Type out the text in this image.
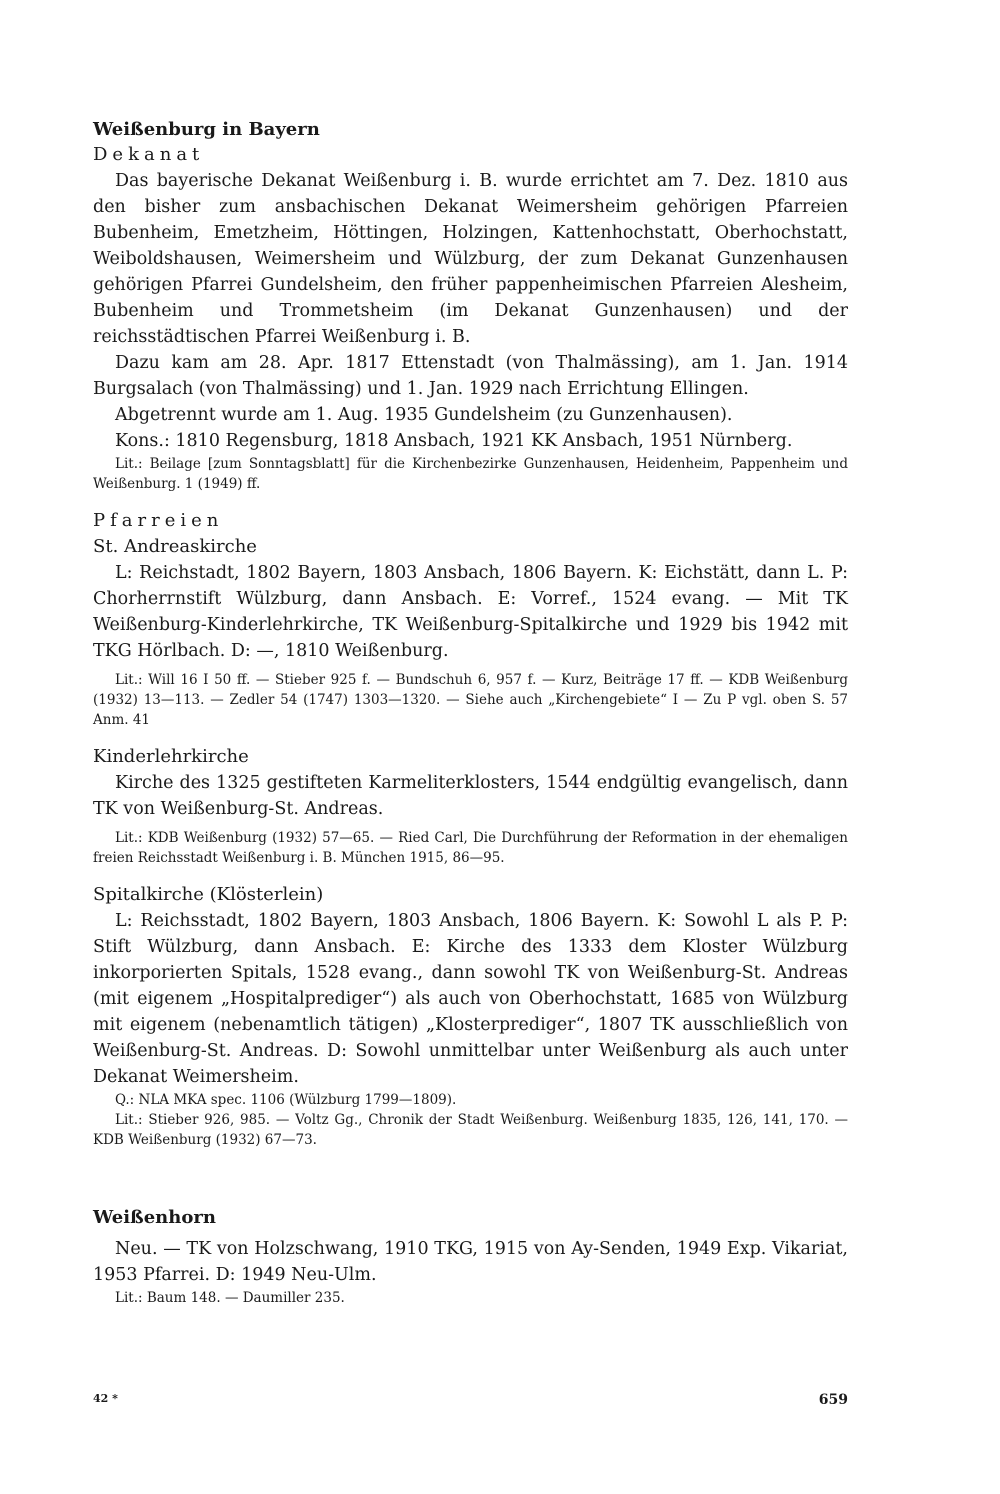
Weißenburg in Bayern

Dekanat

Das bayerische Dekanat Weißenburg i. B. wurde errichtet am 7. Dez. 1810 aus den bisher zum ansbachischen Dekanat Weimersheim gehörigen Pfarreien Bubenheim, Emetzheim, Höttingen, Holzingen, Kattenhochstatt, Oberhochstatt, Weiboldshausen, Weimersheim und Wülzburg, der zum Dekanat Gunzenhausen gehörigen Pfarrei Gundelsheim, den früher pappenheimischen Pfarreien Alesheim, Bubenheim und Trommetsheim (im Dekanat Gunzenhausen) und der reichsstädtischen Pfarrei Weißenburg i. B.

Dazu kam am 28. Apr. 1817 Ettenstadt (von Thalmässing), am 1. Jan. 1914 Burgsalach (von Thalmässing) und 1. Jan. 1929 nach Errichtung Ellingen.

Abgetrennt wurde am 1. Aug. 1935 Gundelsheim (zu Gunzenhausen).

Kons.: 1810 Regensburg, 1818 Ansbach, 1921 KK Ansbach, 1951 Nürnberg.

Lit.: Beilage [zum Sonntagsblatt] für die Kirchenbezirke Gunzenhausen, Heidenheim, Pappenheim und Weißenburg. 1 (1949) ff.

Pfarreien

St. Andreaskirche

L: Reichstadt, 1802 Bayern, 1803 Ansbach, 1806 Bayern. K: Eichstätt, dann L. P: Chorherrnstift Wülzburg, dann Ansbach. E: Vorref., 1524 evang. — Mit TK Weißenburg-Kinderlehrkirche, TK Weißenburg-Spitalkirche und 1929 bis 1942 mit TKG Hörlbach. D: —, 1810 Weißenburg.

Lit.: Will 16 I 50 ff. — Stieber 925 f. — Bundschuh 6, 957 f. — Kurz, Beiträge 17 ff. — KDB Weißenburg (1932) 13—113. — Zedler 54 (1747) 1303—1320. — Siehe auch „Kirchengebiete“ I — Zu P vgl. oben S. 57 Anm. 41

Kinderlehrkirche

Kirche des 1325 gestifteten Karmeliterklosters, 1544 endgültig evangelisch, dann TK von Weißenburg-St. Andreas.

Lit.: KDB Weißenburg (1932) 57—65. — Ried Carl, Die Durchführung der Reformation in der ehemaligen freien Reichsstadt Weißenburg i. B. München 1915, 86—95.

Spitalkirche (Klösterlein)

L: Reichsstadt, 1802 Bayern, 1803 Ansbach, 1806 Bayern. K: Sowohl L als P. P: Stift Wülzburg, dann Ansbach. E: Kirche des 1333 dem Kloster Wülzburg inkorporierten Spitals, 1528 evang., dann sowohl TK von Weißenburg-St. Andreas (mit eigenem „Hospitalprediger“) als auch von Oberhochstatt, 1685 von Wülzburg mit eigenem (nebenamtlich tätigen) „Klosterprediger“, 1807 TK ausschließlich von Weißenburg-St. Andreas. D: Sowohl unmittelbar unter Weißenburg als auch unter Dekanat Weimersheim.

Q.: NLA MKA spec. 1106 (Wülzburg 1799—1809).

Lit.: Stieber 926, 985. — Voltz Gg., Chronik der Stadt Weißenburg. Weißenburg 1835, 126, 141, 170. — KDB Weißenburg (1932) 67—73.

Weißenhorn

Neu. — TK von Holzschwang, 1910 TKG, 1915 von Ay-Senden, 1949 Exp. Vikariat, 1953 Pfarrei. D: 1949 Neu-Ulm.

Lit.: Baum 148. — Daumiller 235.

42 *	659
